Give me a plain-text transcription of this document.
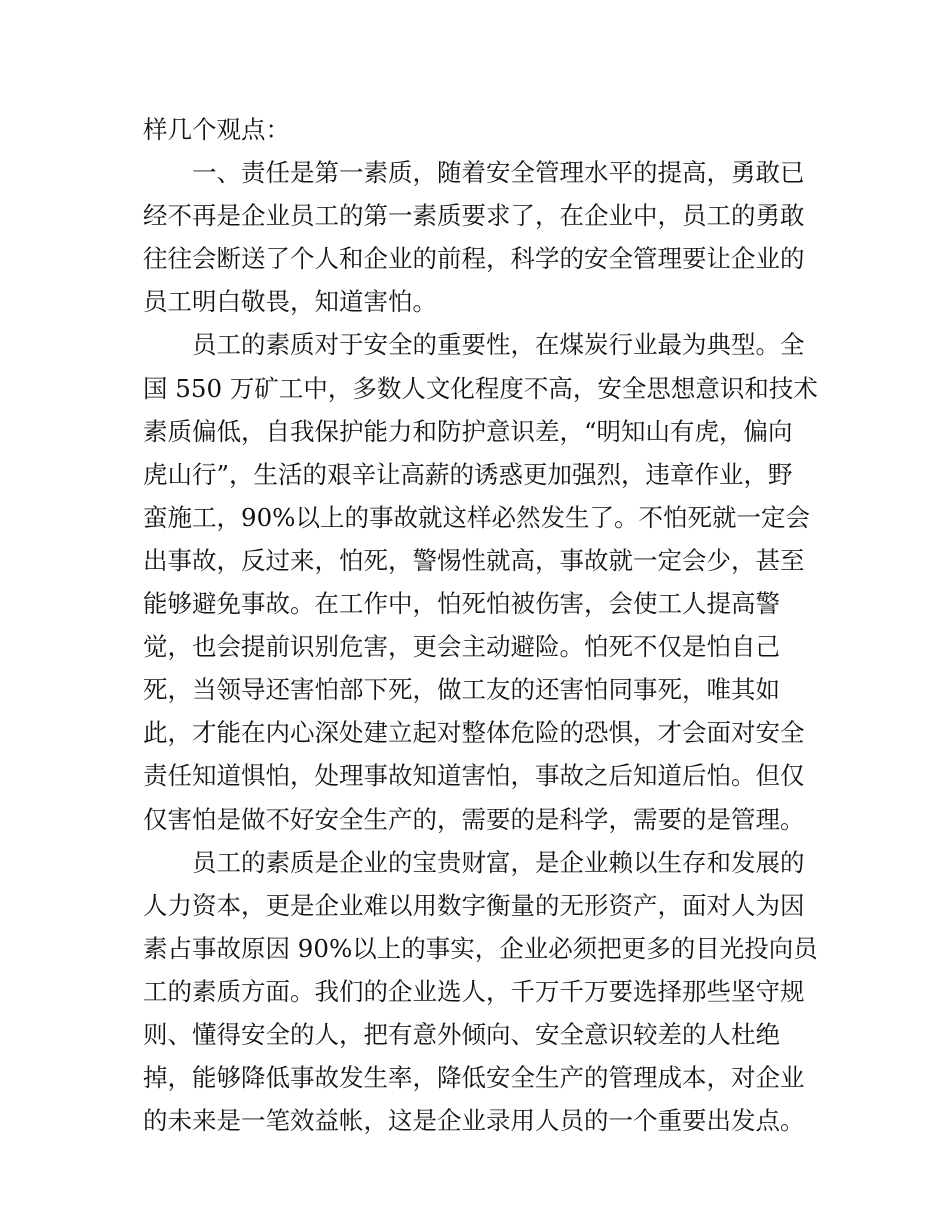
样几个观点：
　　一、责任是第一素质，随着安全管理水平的提高，勇敢已
经不再是企业员工的第一素质要求了，在企业中，员工的勇敢
往往会断送了个人和企业的前程，科学的安全管理要让企业的
员工明白敬畏，知道害怕。
　　员工的素质对于安全的重要性，在煤炭行业最为典型。全
国 550 万矿工中，多数人文化程度不高，安全思想意识和技术
素质偏低，自我保护能力和防护意识差，“明知山有虎，偏向
虎山行”，生活的艰辛让高薪的诱惑更加强烈，违章作业，野
蛮施工，90%以上的事故就这样必然发生了。不怕死就一定会
出事故，反过来，怕死，警惕性就高，事故就一定会少，甚至
能够避免事故。在工作中，怕死怕被伤害，会使工人提高警
觉，也会提前识别危害，更会主动避险。怕死不仅是怕自己
死，当领导还害怕部下死，做工友的还害怕同事死，唯其如
此，才能在内心深处建立起对整体危险的恐惧，才会面对安全
责任知道惧怕，处理事故知道害怕，事故之后知道后怕。但仅
仅害怕是做不好安全生产的，需要的是科学，需要的是管理。
　　员工的素质是企业的宝贵财富，是企业赖以生存和发展的
人力资本，更是企业难以用数字衡量的无形资产，面对人为因
素占事故原因 90%以上的事实，企业必须把更多的目光投向员
工的素质方面。我们的企业选人，千万千万要选择那些坚守规
则、懂得安全的人，把有意外倾向、安全意识较差的人杜绝
掉，能够降低事故发生率，降低安全生产的管理成本，对企业
的未来是一笔效益帐，这是企业录用人员的一个重要出发点。
